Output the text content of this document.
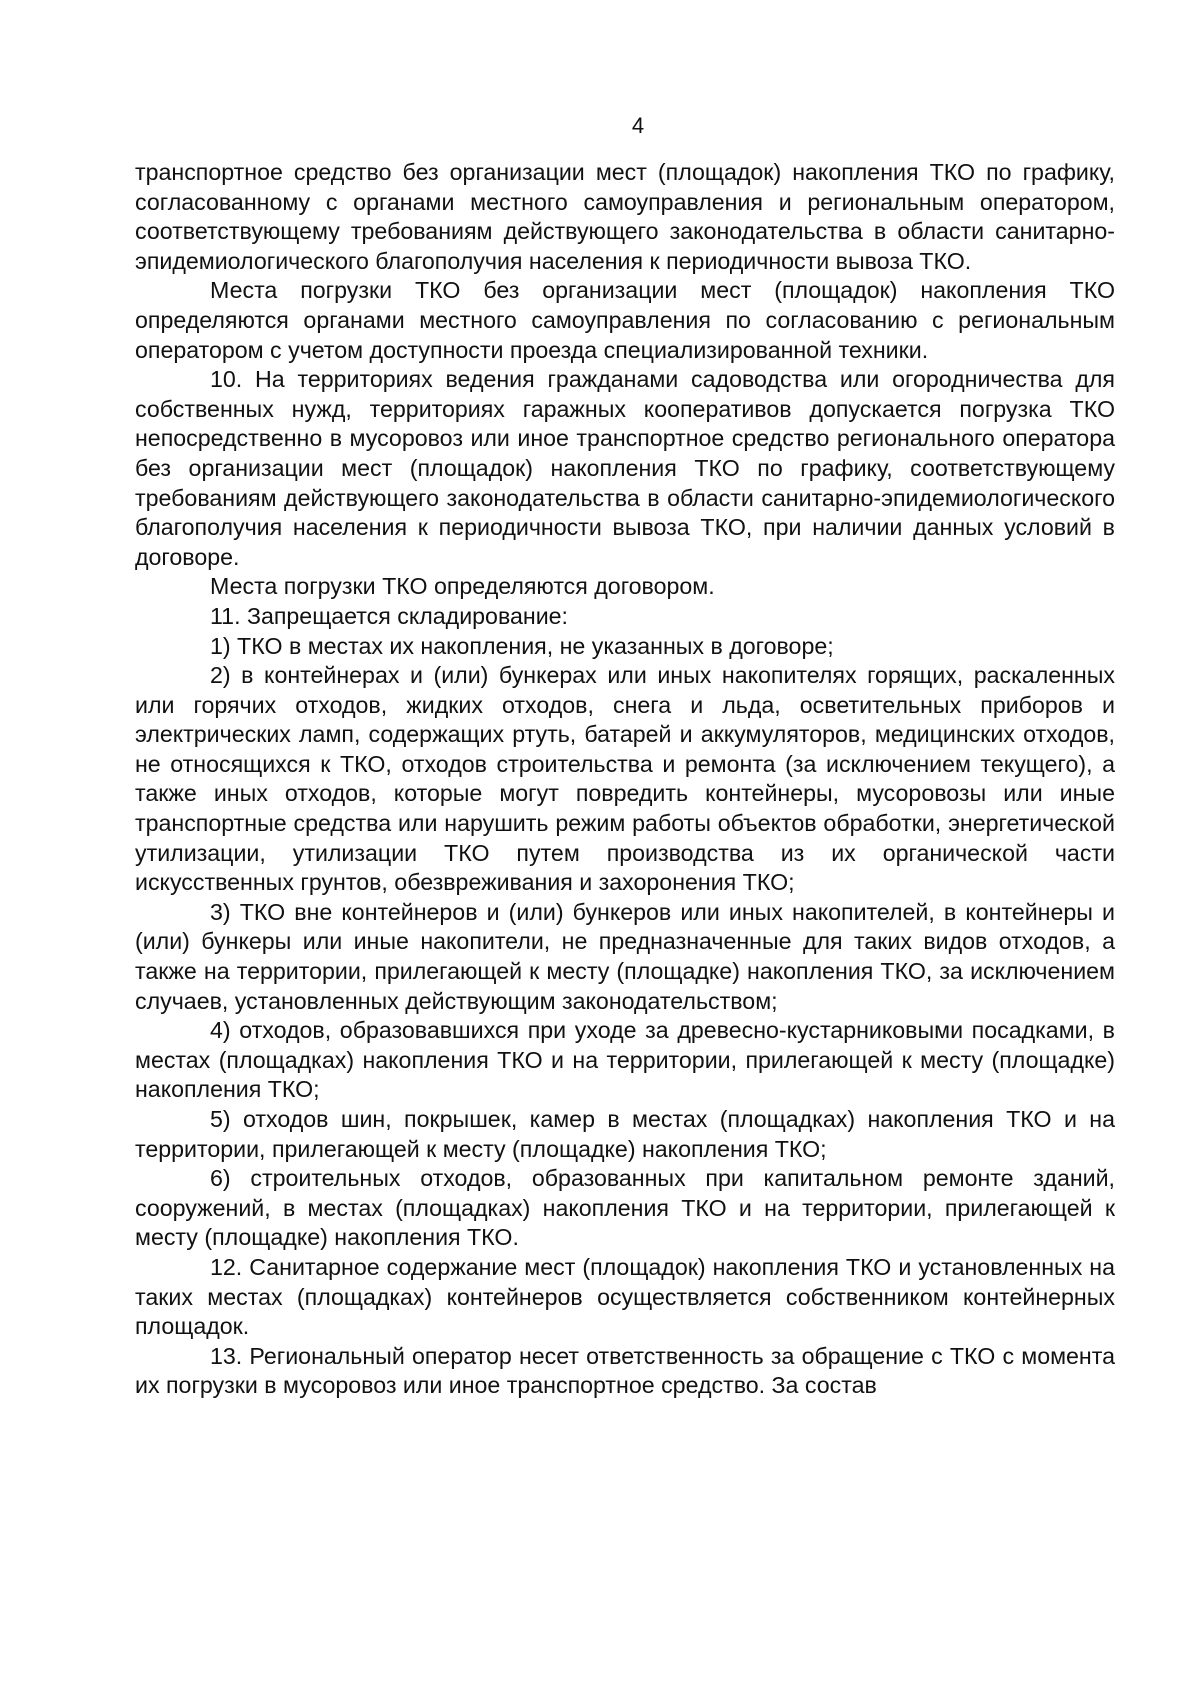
4

транспортное средство без организации мест (площадок) накопления ТКО по графику, согласованному с органами местного самоуправления и региональным оператором, соответствующему требованиям действующего законодательства в области санитарно-эпидемиологического благополучия населения к периодичности вывоза ТКО.

Места погрузки ТКО без организации мест (площадок) накопления ТКО определяются органами местного самоуправления по согласованию с региональным оператором с учетом доступности проезда специализированной техники.

10. На территориях ведения гражданами садоводства или огородничества для собственных нужд, территориях гаражных кооперативов допускается погрузка ТКО непосредственно в мусоровоз или иное транспортное средство регионального оператора без организации мест (площадок) накопления ТКО по графику, соответствующему требованиям действующего законодательства в области санитарно-эпидемиологического благополучия населения к периодичности вывоза ТКО, при наличии данных условий в договоре.

Места погрузки ТКО определяются договором.

11. Запрещается складирование:

1) ТКО в местах их накопления, не указанных в договоре;

2) в контейнерах и (или) бункерах или иных накопителях горящих, раскаленных или горячих отходов, жидких отходов, снега и льда, осветительных приборов и электрических ламп, содержащих ртуть, батарей и аккумуляторов, медицинских отходов, не относящихся к ТКО, отходов строительства и ремонта (за исключением текущего), а также иных отходов, которые могут повредить контейнеры, мусоровозы или иные транспортные средства или нарушить режим работы объектов обработки, энергетической утилизации, утилизации ТКО путем производства из их органической части искусственных грунтов, обезвреживания и захоронения ТКО;

3) ТКО вне контейнеров и (или) бункеров или иных накопителей, в контейнеры и (или) бункеры или иные накопители, не предназначенные для таких видов отходов, а также на территории, прилегающей к месту (площадке) накопления ТКО, за исключением случаев, установленных действующим законодательством;

4) отходов, образовавшихся при уходе за древесно-кустарниковыми посадками, в местах (площадках) накопления ТКО и на территории, прилегающей к месту (площадке) накопления ТКО;

5) отходов шин, покрышек, камер в местах (площадках) накопления ТКО и на территории, прилегающей к месту (площадке) накопления ТКО;

6) строительных отходов, образованных при капитальном ремонте зданий, сооружений, в местах (площадках) накопления ТКО и на территории, прилегающей к месту (площадке) накопления ТКО.

12. Санитарное содержание мест (площадок) накопления ТКО и установленных на таких местах (площадках) контейнеров осуществляется собственником контейнерных площадок.

13. Региональный оператор несет ответственность за обращение с ТКО с момента их погрузки в мусоровоз или иное транспортное средство. За состав
